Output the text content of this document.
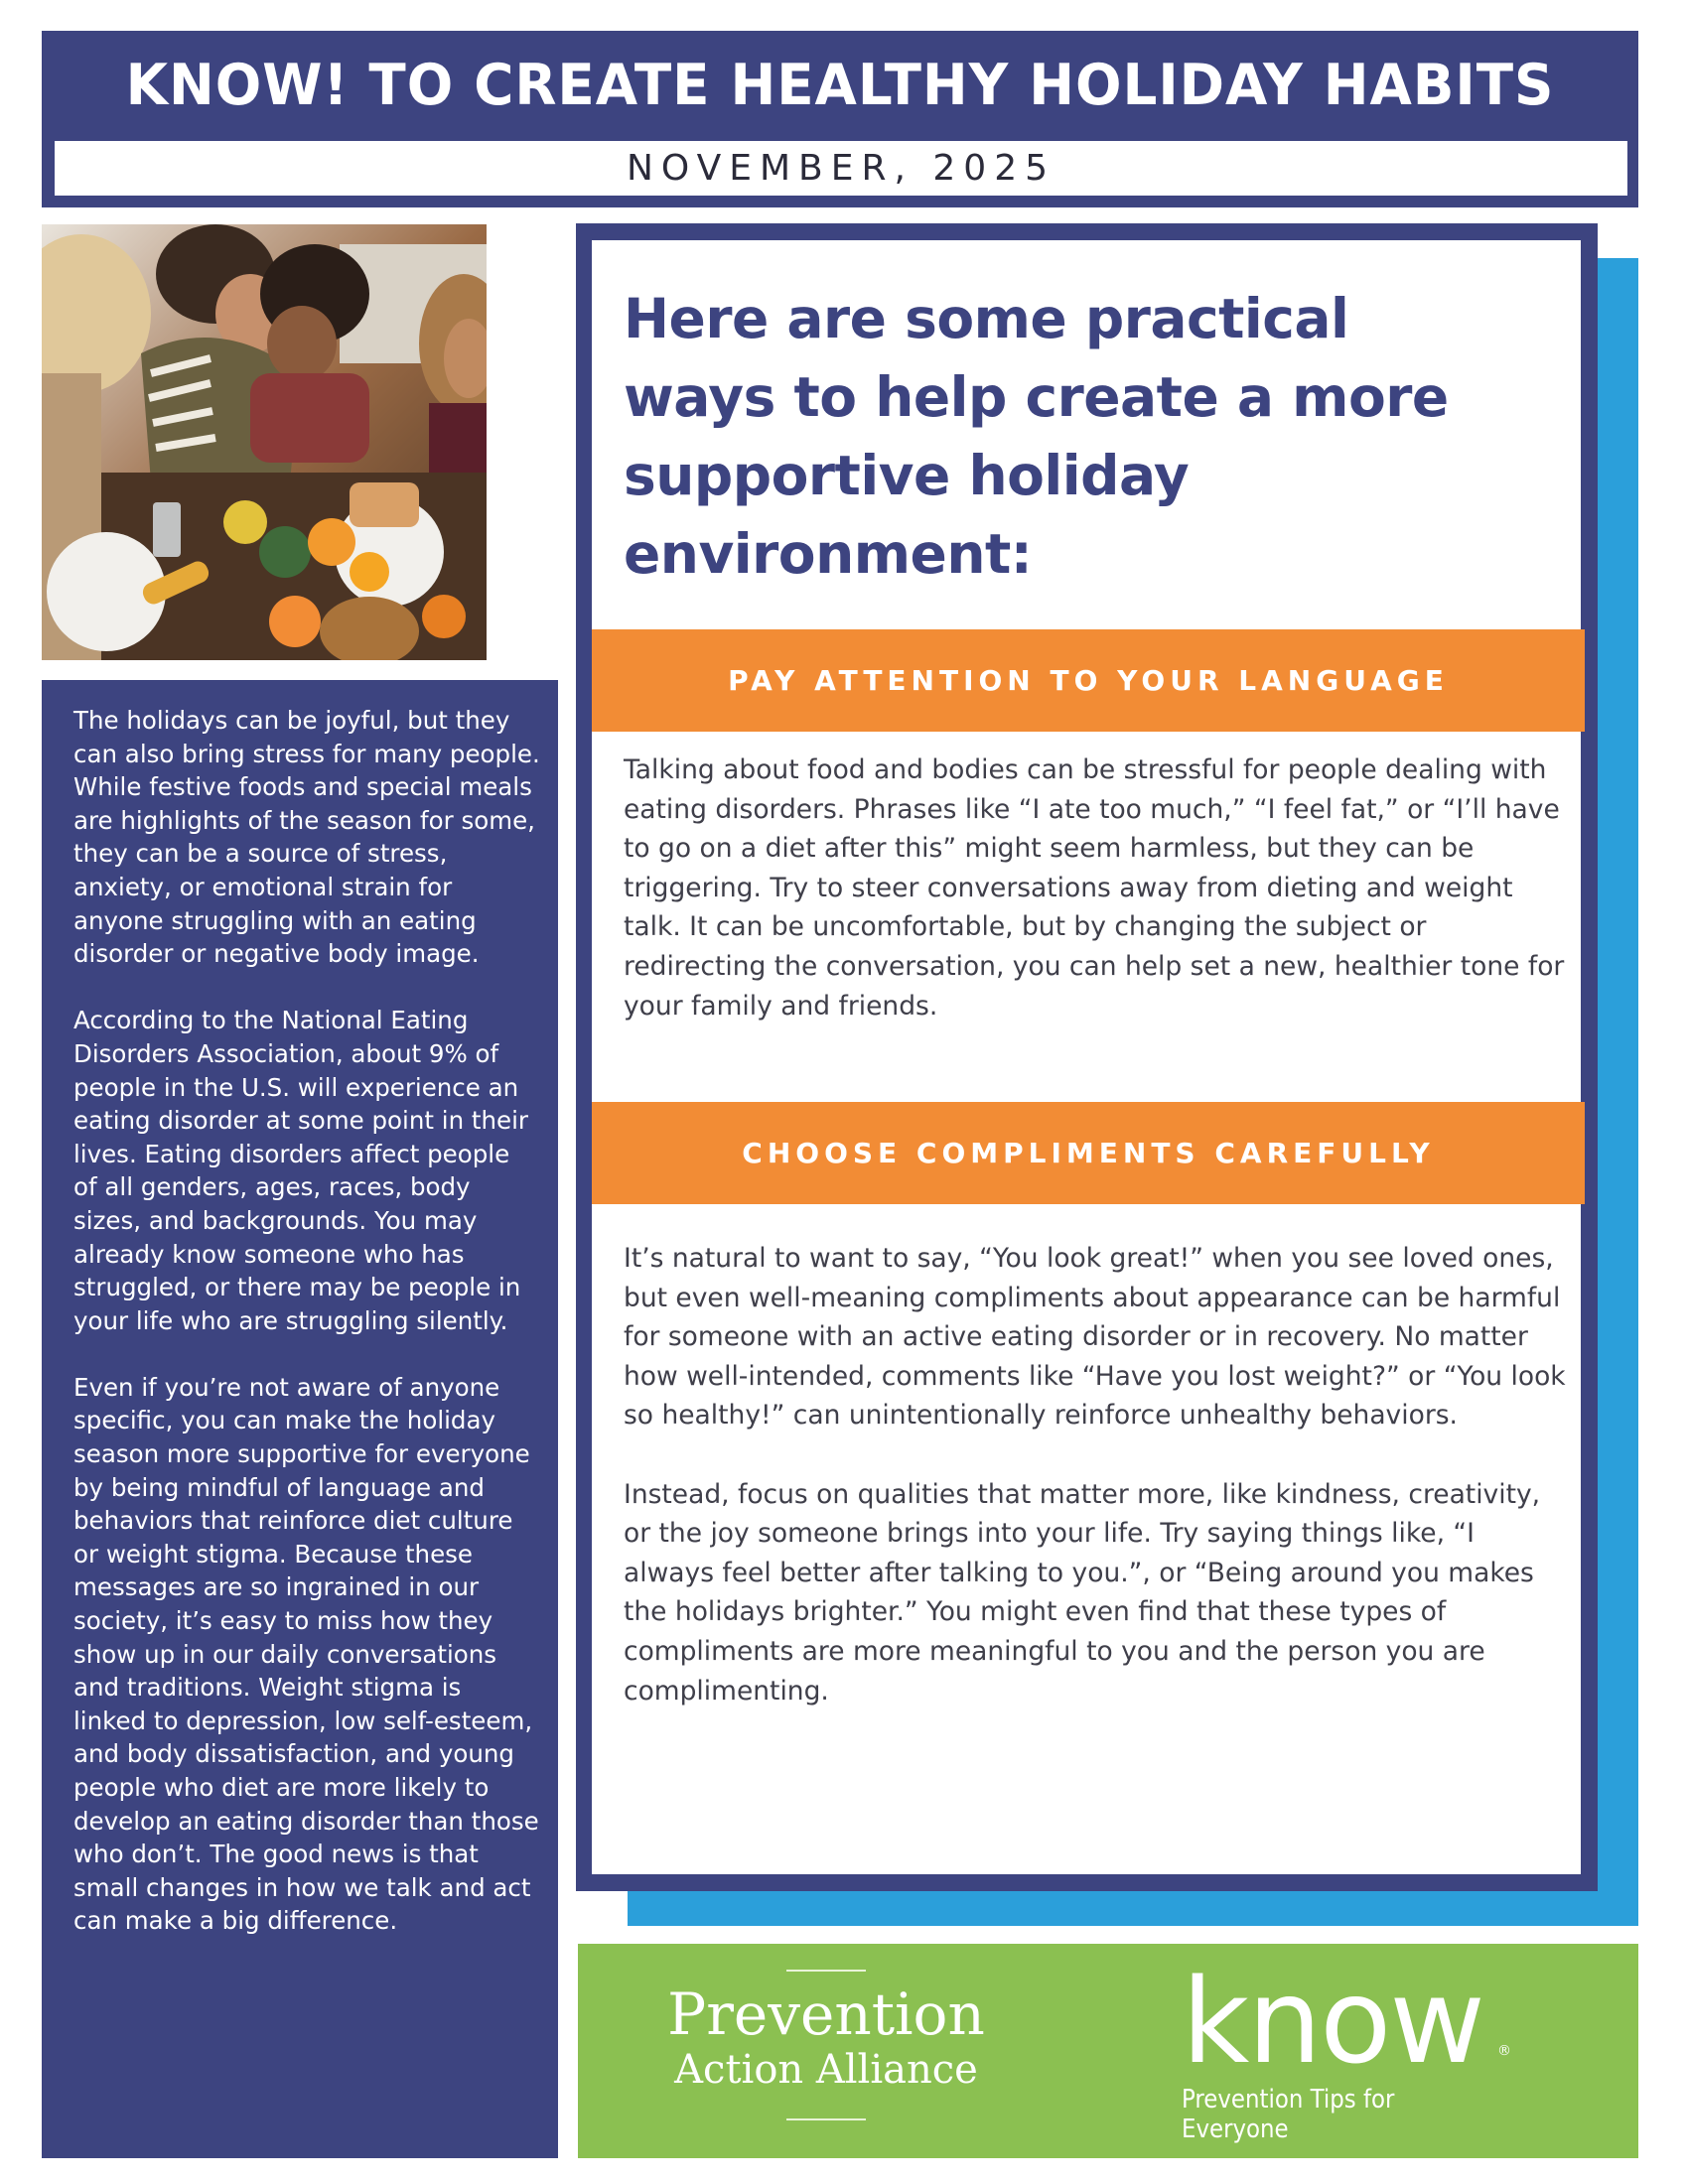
KNOW! TO CREATE HEALTHY HOLIDAY HABITS
NOVEMBER, 2025

The holidays can be joyful, but they can also bring stress for many people. While festive foods and special meals are highlights of the season for some, they can be a source of stress, anxiety, or emotional strain for anyone struggling with an eating disorder or negative body image.

According to the National Eating Disorders Association, about 9% of people in the U.S. will experience an eating disorder at some point in their lives. Eating disorders affect people of all genders, ages, races, body sizes, and backgrounds. You may already know someone who has struggled, or there may be people in your life who are struggling silently.

Even if you’re not aware of anyone specific, you can make the holiday season more supportive for everyone by being mindful of language and behaviors that reinforce diet culture or weight stigma. Because these messages are so ingrained in our society, it’s easy to miss how they show up in our daily conversations and traditions. Weight stigma is linked to depression, low self-esteem, and body dissatisfaction, and young people who diet are more likely to develop an eating disorder than those who don’t. The good news is that small changes in how we talk and act can make a big difference.

Here are some practical ways to help create a more supportive holiday environment:
PAY ATTENTION TO YOUR LANGUAGE

Talking about food and bodies can be stressful for people dealing with eating disorders. Phrases like “I ate too much,” “I feel fat,” or “I’ll have to go on a diet after this” might seem harmless, but they can be triggering. Try to steer conversations away from dieting and weight talk. It can be uncomfortable, but by changing the subject or redirecting the conversation, you can help set a new, healthier tone for your family and friends.

CHOOSE COMPLIMENTS CAREFULLY

It’s natural to want to say, “You look great!” when you see loved ones, but even well-meaning compliments about appearance can be harmful for someone with an active eating disorder or in recovery. No matter how well-intended, comments like “Have you lost weight?” or “You look so healthy!” can unintentionally reinforce unhealthy behaviors.

Instead, focus on qualities that matter more, like kindness, creativity, or the joy someone brings into your life. Try saying things like, “I always feel better after talking to you.”, or “Being around you makes the holidays brighter.” You might even find that these types of compliments are more meaningful to you and the person you are complimenting.

Prevention
Action Alliance know ®
Prevention Tips for Everyone
